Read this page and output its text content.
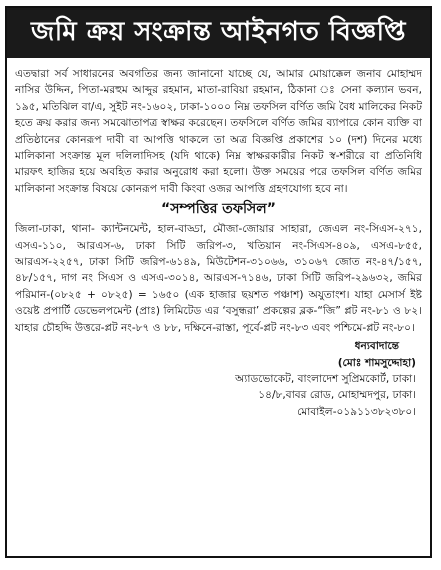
জমি ক্রয় সংক্রান্ত আইনগত বিজ্ঞপ্তি

এতদ্বারা সর্ব সাধারনের অবগতির জন্য জানানো যাচ্ছে যে, আমার মোয়াক্কেল জনাব মোহাম্মদ নাসির উদ্দিন, পিতা-মরহুম আব্দুর রহমান, মাতা-রাবিয়া রহমান, ঠিকানা ঃ সেনা কল্যান ভবন, ১৯৫, মতিঝিল বা/এ, সুইট নং-১৬০২, ঢাকা-১০০০ নিম্ন তফসিল বর্ণিত জমি বৈধ মালিকের নিকট হতে ক্রয় করার জন্য সমঝোতাপত্র স্বাক্ষর করেছেন। তফসিলে বর্ণিত জমির ব্যাপারে কোন ব্যক্তি বা প্রতিষ্ঠানের কোনরূপ দাবী বা আপত্তি থাকলে তা অত্র বিজ্ঞপ্তি প্রকাশের ১০ (দশ) দিনের মধ্যে মালিকানা সংক্রান্ত মূল দলিলাদিসহ (যদি থাকে) নিম্ন স্বাক্ষরকারীর নিকট স্ব-শরীরে বা প্রতিনিধি মারফৎ হাজির হয়ে অবহিত করার অনুরোধ করা হলো। উক্ত সময়ের পরে তফসিল বর্ণিত জমির মালিকানা সংক্রান্ত বিষয়ে কোনরূপ দাবী কিংবা ওজর আপত্তি গ্রহণযোগ্য হবে না।

“সম্পত্তির তফসিল”

জিলা-ঢাকা, থানা- ক্যান্টনমেন্ট, হাল-বাড্ডা, মৌজা-জোয়ার সাহারা, জেএল নং-সিএস-২৭১, এসএ-১১০, আরএস-৬, ঢাকা সিটি জরিপ-৩, খতিয়ান নং-সিএস-৪০৯, এসএ-৮৫৫, আরএস-২২৫৭, ঢাকা সিটি জরিপ-৬১৪৯, মিউটেশন-৩১০৬৬, ৩১০৬৭ জোত নং-৪৭/১৫৭, ৪৮/১৫৭, দাগ নং সিএস ও এসএ-৩০১৪, আরএস-৭১৪৬, ঢাকা সিটি জরিপ-২৯৬৩২, জমির পরিমান-(০৮২৫ + ০৮২৫) = ১৬৫০ (এক হাজার ছয়শত পঞ্চাশ) অযুতাংশ। যাহা মেসার্স ইষ্ট ওয়েষ্ট প্রপার্টি ডেভেলপমেন্ট (প্রাঃ) লিমিটেড এর ‘বসুন্ধরা’ প্রকল্পের ব্লক-“জি” প্লট নং-৮১ ও ৮২। যাহার চৌহদ্দি উত্তরে-প্লট নং-৮৭ ও ৮৮, দক্ষিনে-রাস্তা, পূর্বে-প্লট নং-৮৩ এবং পশ্চিমে-প্লট নং-৮০।

ধন্যবাদান্তে
(মোঃ শামসুদ্দোহা)
অ্যাডভোকেট, বাংলাদেশ সুপ্রিমকোর্ট, ঢাকা।
১৪/৮,বাবর রোড, মোহাম্মদপুর, ঢাকা।
মোবাইল-০১৯১১৩৮২৩৮০।
